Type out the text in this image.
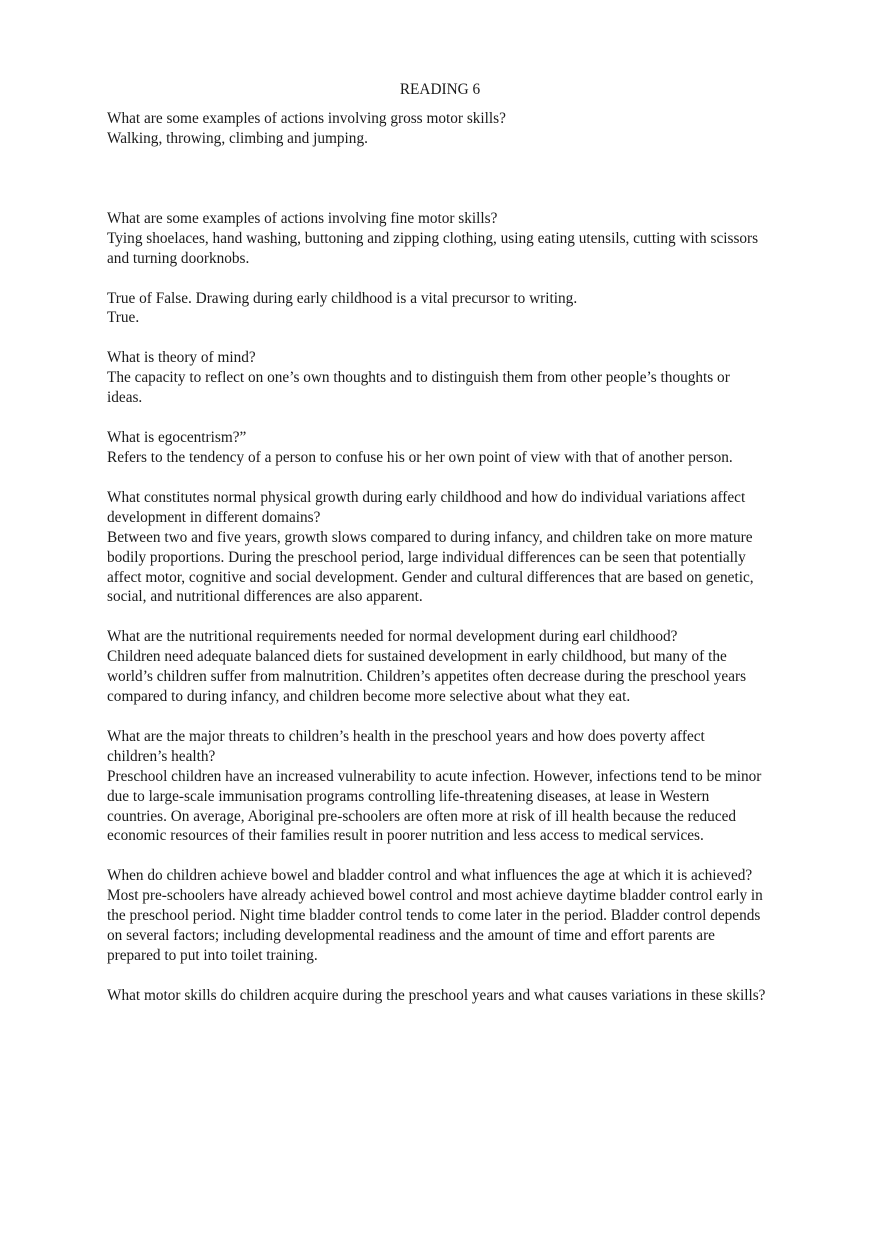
READING 6

What are some examples of actions involving gross motor skills?

Walking, throwing, climbing and jumping.

What are some examples of actions involving fine motor skills?

Tying shoelaces, hand washing, buttoning and zipping clothing, using eating utensils, cutting with scissors and turning doorknobs.

True of False. Drawing during early childhood is a vital precursor to writing.

True.

What is theory of mind?

The capacity to reflect on one’s own thoughts and to distinguish them from other people’s thoughts or ideas.

What is egocentrism?”

Refers to the tendency of a person to confuse his or her own point of view with that of another person.

What constitutes normal physical growth during early childhood and how do individual variations affect development in different domains?

Between two and five years, growth slows compared to during infancy, and children take on more mature bodily proportions. During the preschool period, large individual differences can be seen that potentially affect motor, cognitive and social development. Gender and cultural differences that are based on genetic, social, and nutritional differences are also apparent.

What are the nutritional requirements needed for normal development during earl childhood?

Children need adequate balanced diets for sustained development in early childhood, but many of the world’s children suffer from malnutrition. Children’s appetites often decrease during the preschool years compared to during infancy, and children become more selective about what they eat.

What are the major threats to children’s health in the preschool years and how does poverty affect children’s health?

Preschool children have an increased vulnerability to acute infection. However, infections tend to be minor due to large-scale immunisation programs controlling life-threatening diseases, at lease in Western countries. On average, Aboriginal pre-schoolers are often more at risk of ill health because the reduced economic resources of their families result in poorer nutrition and less access to medical services.

When do children achieve bowel and bladder control and what influences the age at which it is achieved?

Most pre-schoolers have already achieved bowel control and most achieve daytime bladder control early in the preschool period. Night time bladder control tends to come later in the period. Bladder control depends on several factors; including developmental readiness and the amount of time and effort parents are prepared to put into toilet training.

What motor skills do children acquire during the preschool years and what causes variations in these skills?
